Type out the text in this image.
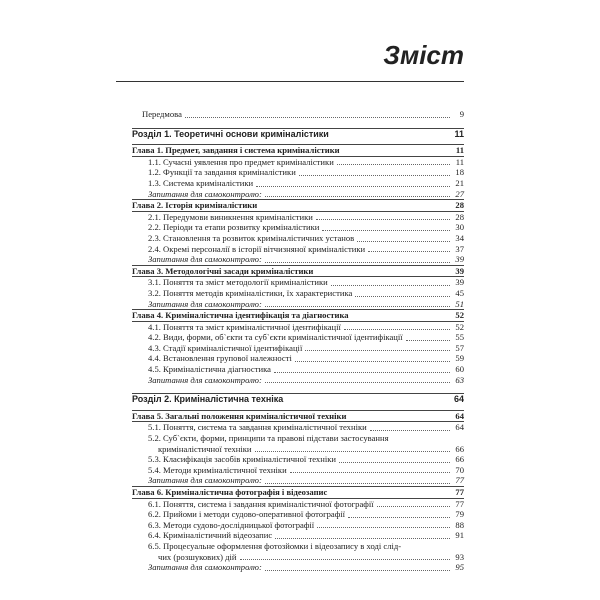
Зміст
Передмова	9
Розділ 1. Теоретичні основи криміналістики	11
Глава 1. Предмет, завдання і система криміналістики	11
1.1. Сучасні уявлення про предмет криміналістики	11
1.2. Функції та завдання криміналістики	18
1.3. Система криміналістики	21
Запитання для самоконтролю:	27
Глава 2. Історія криміналістики	28
2.1. Передумови виникнення криміналістики	28
2.2. Періоди та етапи розвитку криміналістики	30
2.3. Становлення та розвиток криміналістичних установ	34
2.4. Окремі персоналії в історії вітчизняної криміналістики	37
Запитання для самоконтролю:	39
Глава 3. Методологічні засади криміналістики	39
3.1. Поняття та зміст методології криміналістики	39
3.2. Поняття методів криміналістики, їх характеристика	45
Запитання для самоконтролю:	51
Глава 4. Криміналістична ідентифікація та діагностика	52
4.1. Поняття та зміст криміналістичної ідентифікації	52
4.2. Види, форми, об`єкти та суб`єкти криміналістичної ідентифікації	55
4.3. Стадії криміналістичної ідентифікації	57
4.4. Встановлення групової належності	59
4.5. Криміналістична діагностика	60
Запитання для самоконтролю:	63
Розділ 2. Криміналістична техніка	64
Глава 5. Загальні положення криміналістичної техніки	64
5.1. Поняття, система та завдання криміналістичної техніки	64
5.2. Суб`єкти, форми, принципи та правові підстави застосування
криміналістичної техніки	66
5.3. Класифікація засобів криміналістичної техніки	66
5.4. Методи криміналістичної техніки	70
Запитання для самоконтролю:	77
Глава 6. Криміналістична фотографія і відеозапис	77
6.1. Поняття, система і завдання криміналістичної фотографії	77
6.2. Прийоми і методи судово-оперативної фотографії	79
6.3. Методи судово-дослідницької фотографії	88
6.4. Криміналістичний відеозапис	91
6.5. Процесуальне оформлення фотозйомки і відеозапису в ході слід-
чих (розшукових) дій	93
Запитання для самоконтролю:	95
